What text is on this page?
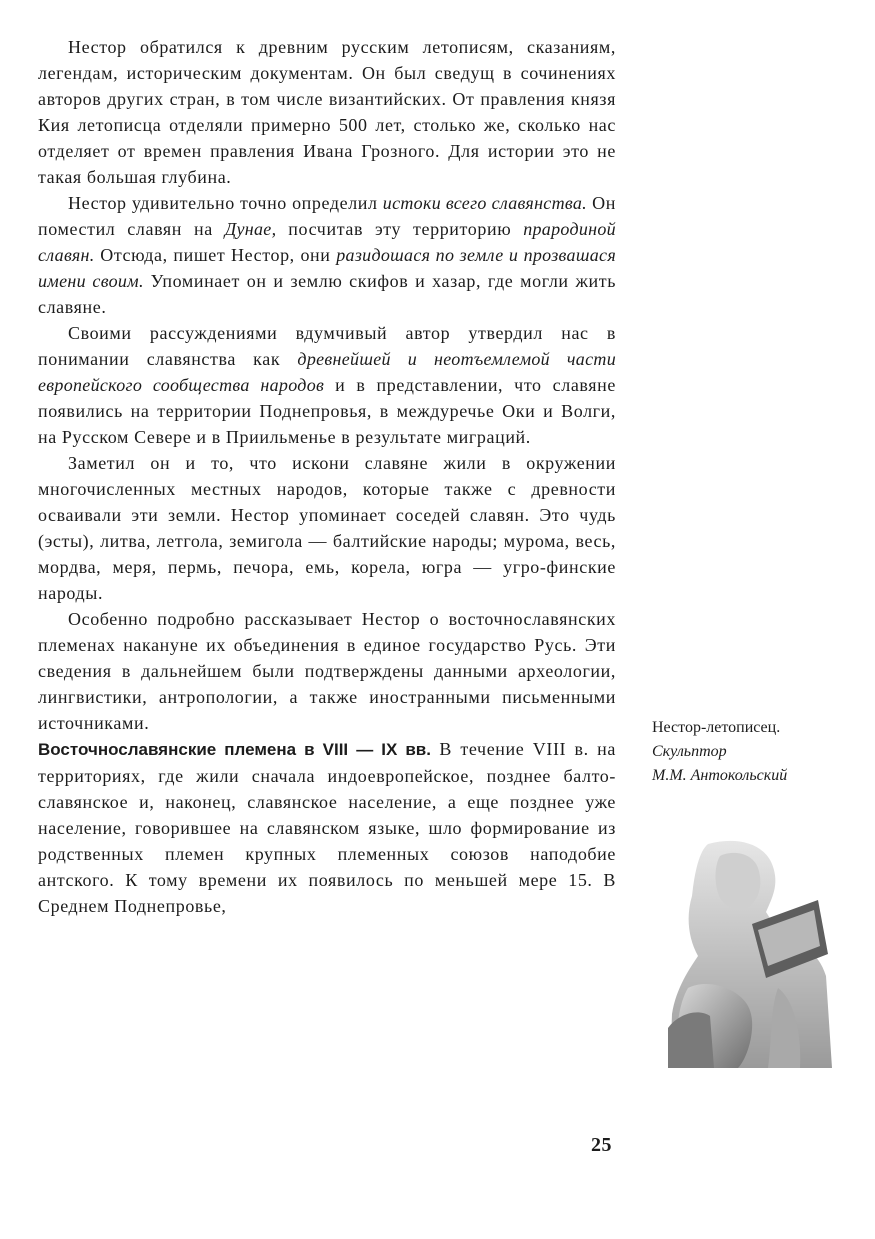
Нестор обратился к древним русским летописям, сказаниям, легендам, историческим документам. Он был сведущ в сочинениях авторов других стран, в том числе византийских. От правления князя Кия летописца отделяли примерно 500 лет, столько же, сколько нас отделяет от времен правления Ивана Грозного. Для истории это не такая большая глубина.

Нестор удивительно точно определил истоки всего славянства. Он поместил славян на Дунае, посчитав эту территорию прародиной славян. Отсюда, пишет Нестор, они разидошася по земле и прозвашася имени своим. Упоминает он и землю скифов и хазар, где могли жить славяне.

Своими рассуждениями вдумчивый автор утвердил нас в понимании славянства как древнейшей и неотъемлемой части европейского сообщества народов и в представлении, что славяне появились на территории Поднепровья, в междуречье Оки и Волги, на Русском Севере и в Приильменье в результате миграций.

Заметил он и то, что искони славяне жили в окружении многочисленных местных народов, которые также с древности осваивали эти земли. Нестор упоминает соседей славян. Это чудь (эсты), литва, летгола, земигола — балтийские народы; мурома, весь, мордва, меря, пермь, печора, емь, корела, югра — угро-финские народы.

Особенно подробно рассказывает Нестор о восточнославянских племенах накануне их объединения в единое государство Русь. Эти сведения в дальнейшем были подтверждены данными археологии, лингвистики, антропологии, а также иностранными письменными источниками.

Восточнославянские племена в VIII — IX вв. В течение VIII в. на территориях, где жили сначала индоевропейское, позднее балто-славянское и, наконец, славянское население, а еще позднее уже население, говорившее на славянском языке, шло формирование из родственных племен крупных племенных союзов наподобие антского. К тому времени их появилось по меньшей мере 15. В Среднем Поднепровье,

Нестор-летописец.
Скульптор
М.М. Антокольский
25
